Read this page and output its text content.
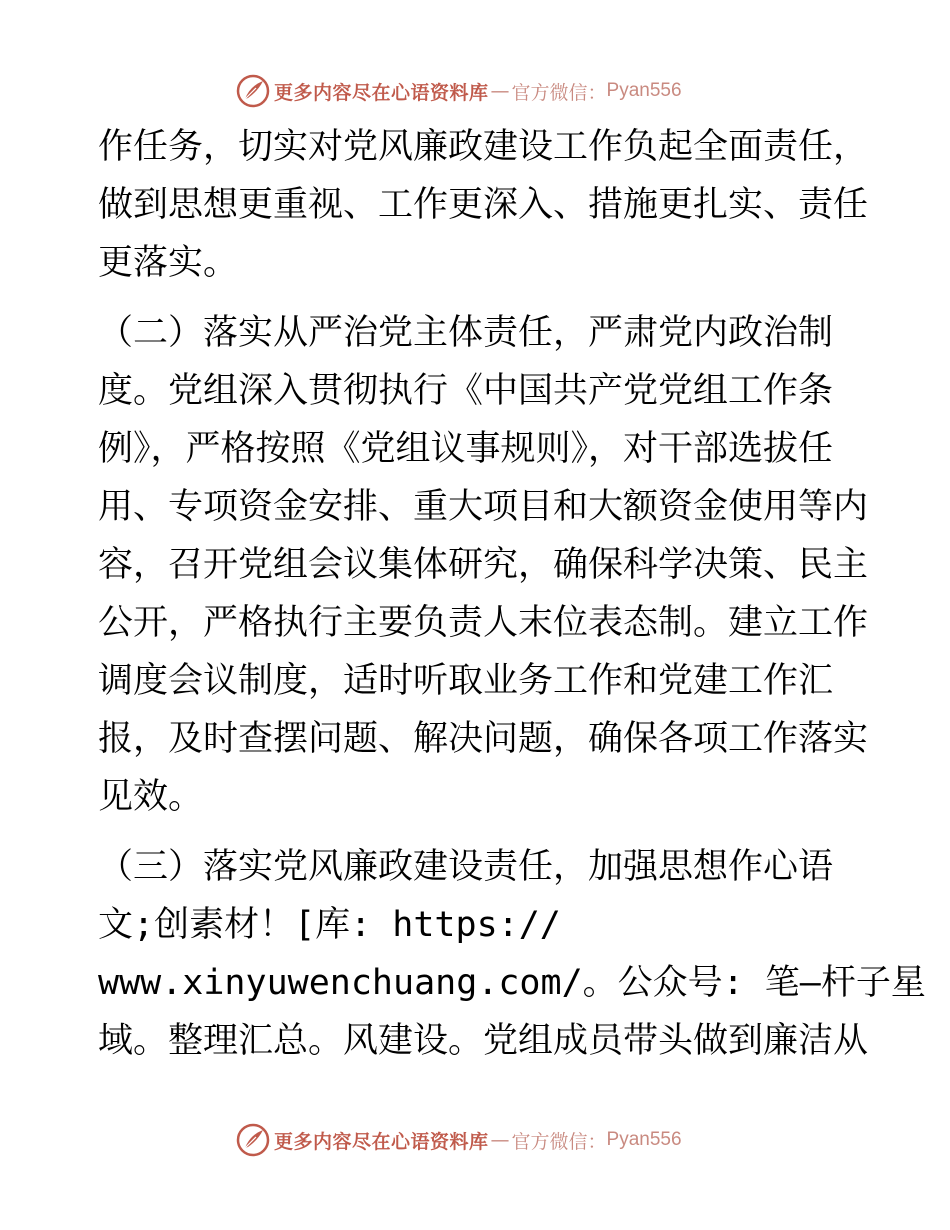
更多内容尽在心语资料库 — 官方微信： Pyan556
作任务，切实对党风廉政建设工作负起全面责任，
做到思想更重视、工作更深入、措施更扎实、责任
更落实。
（二）落实从严治党主体责任，严肃党内政治制
度。党组深入贯彻执行《中国共产党党组工作条
例》，严格按照《党组议事规则》，对干部选拔任
用、专项资金安排、重大项目和大额资金使用等内
容，召开党组会议集体研究，确保科学决策、民主
公开，严格执行主要负责人末位表态制。建立工作
调度会议制度，适时听取业务工作和党建工作汇
报，及时查摆问题、解决问题，确保各项工作落实
见效。
（三）落实党风廉政建设责任，加强思想作心语
文;创素材！[库: https://
www.xinyuwenchuang.com/。公众号: 笔—杆子星
域。整理汇总。风建设。党组成员带头做到廉洁从
更多内容尽在心语资料库 — 官方微信： Pyan556
